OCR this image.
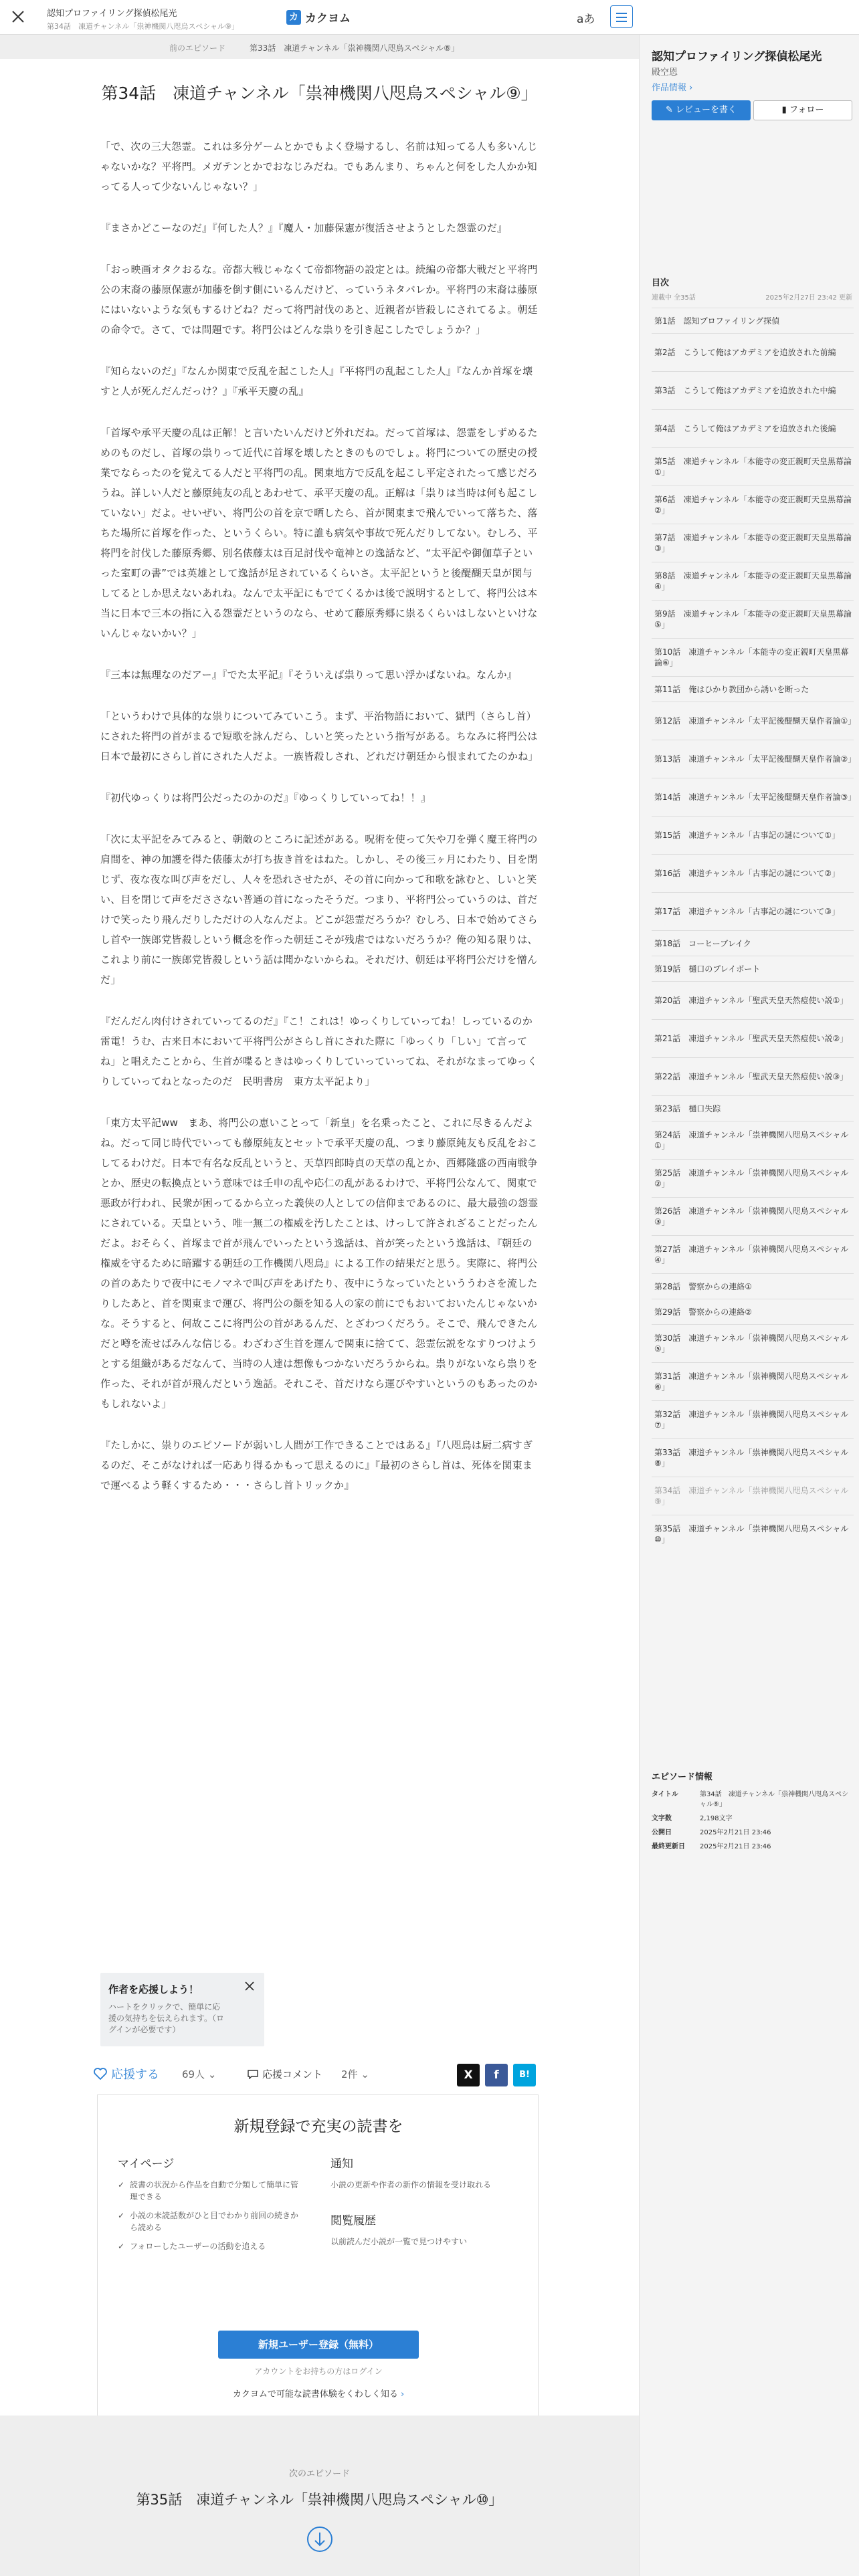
認知プロファイリング探偵松尾光
第34話　凍道チャンネル「祟神機関八咫烏スペシャル⑨」
カ カクヨム	aあ
前のエピソード	第33話　凍道チャンネル「祟神機関八咫烏スペシャル⑧」
第34話　凍道チャンネル「祟神機関八咫烏スペシャル⑨」

「で、次の三大怨霊。これは多分ゲームとかでもよく登場するし、名前は知ってる人も多いんじゃないかな？平将門。メガテンとかでおなじみだね。でもあんまり、ちゃんと何をした人かか知ってる人って少ないんじゃない？」

『まさかどこーなのだ』『何した人？』『魔人・加藤保憲が復活させようとした怨霊のだ』

「おっ映画オタクおるな。帝都大戦じゃなくて帝都物語の設定とは。続編の帝都大戦だと平将門公の末裔の藤原保憲が加藤を倒す側にいるんだけど、っていうネタバレか。平将門の末裔は藤原にはいないような気もするけどね？だって将門討伐のあと、近親者が皆殺しにされてるよ。朝廷の命令で。さて、では問題です。将門公はどんな祟りを引き起こしたでしょうか？」

『知らないのだ』『なんか関東で反乱を起こした人』『平将門の乱起こした人』『なんか首塚を壊すと人が死んだんだっけ？』『承平天慶の乱』

「首塚や承平天慶の乱は正解！と言いたいんだけど外れだね。だって首塚は、怨霊をしずめるためのものだし、首塚の祟りって近代に首塚を壊したときのものでしょ。将門についての歴史の授業でならったのを覚えてる人だと平将門の乱。関東地方で反乱を起こし平定されたって感じだろうね。詳しい人だと藤原純友の乱とあわせて、承平天慶の乱。正解は「祟りは当時は何も起こしていない」だよ。せいぜい、将門公の首を京で晒したら、首が関東まで飛んでいって落ちた、落ちた場所に首塚を作った、というくらい。特に誰も病気や事故で死んだりしてない。むしろ、平将門を討伐した藤原秀郷、別名俵藤太は百足討伐や竜神との逸話など、“太平記や御伽草子といった室町の書”では英雄として逸話が足されているくらいさ。太平記というと後醍醐天皇が関与してるとしか思えないあれね。なんで太平記にもでてくるかは後で説明するとして、将門公は本当に日本で三本の指に入る怨霊だというのなら、せめて藤原秀郷に祟るくらいはしないといけないんじゃないかい？」

『三本は無理なのだアー』『でた太平記』『そういえば祟りって思い浮かばないね。なんか』

「というわけで具体的な祟りについてみていこう。まず、平治物語において、獄門（さらし首）にされた将門の首がまるで短歌を詠んだら、しいと笑ったという指写がある。ちなみに将門公は日本で最初にさらし首にされた人だよ。一族皆殺しされ、どれだけ朝廷から恨まれてたのかね」

『初代ゆっくりは将門公だったのかのだ』『ゆっくりしていってね！！』

「次に太平記をみてみると、朝敵のところに記述がある。呪術を使って矢や刀を弾く魔王将門の肩間を、神の加護を得た俵藤太が打ち抜き首をはねた。しかし、その後三ヶ月にわたり、目を閉じず、夜な夜な叫び声をだし、人々を恐れさせたが、その首に向かって和歌を詠むと、しいと笑い、目を閉じて声をだささない普通の首になったそうだ。つまり、平将門公っていうのは、首だけで笑ったり飛んだりしただけの人なんだよ。どこが怨霊だろうか？むしろ、日本で始めてさらし首や一族郎党皆殺しという概念を作った朝廷こそが残虐ではないだろうか？俺の知る限りは、これより前に一族郎党皆殺しという話は聞かないからね。それだけ、朝廷は平将門公だけを憎んだ」

『だんだん肉付けされていってるのだ』『こ！これは！ゆっくりしていってね！しっているのか雷電！うむ、古来日本において平将門公がさらし首にされた際に「ゆっくり「しい」て言ってね」と唱えたことから、生首が喋るときはゆっくりしていっていってね、それがなまってゆっくりしていってねとなったのだ　民明書房　東方太平記より」

「東方太平記ww　まあ、将門公の恵いことって「新皇」を名乗ったこと、これに尽きるんだよね。だって同じ時代でいっても藤原純友とセットで承平天慶の乱、つまり藤原純友も反乱をおこしてるわけだ。日本で有名な反乱というと、天草四郎時貞の天草の乱とか、西郷隆盛の西南戦争とか、歴史の転換点という意味では壬申の乱や応仁の乱があるわけで、平将門公なんて、関東で悪政が行われ、民衆が困ってるから立った義侠の人としての信仰まであるのに、最大最強の怨霊にされている。天皇という、唯一無二の権威を汚したことは、けっして許されざることだったんだよ。おそらく、首塚まで首が飛んでいったという逸話は、首が笑ったという逸話は、『朝廷の権威を守るために暗躍する朝廷の工作機関八咫烏』による工作の結果だと思う。実際に、将門公の首のあたりで夜中にモノマネで叫び声をあげたり、夜中にうなっていたといううわさを流したりしたあと、首を関東まで運び、将門公の顔を知る人の家の前にでもおいておいたんじゃないかな。そうすると、何故ここに将門公の首があるんだ、とざわつくだろう。そこで、飛んできたんだと噂を流せばみんな信じる。わざわざ生首を運んで関東に捨てて、怨霊伝説をなすりつけようとする組織があるだなんて、当時の人達は想像もつかないだろうからね。祟りがないなら祟りを作った、それが首が飛んだという逸話。それこそ、首だけなら運びやすいというのもあったのかもしれないよ」

『たしかに、祟りのエピソードが弱いし人間が工作できることではある』『八咫烏は厨二病すぎるのだ、そこがなければ一応あり得るかもって思えるのに』『最初のさらし首は、死体を関東まで運べるよう軽くするため・・・さらし首トリックか』

作者を応援しよう！
ハートをクリックで、簡単に応援の気持ちを伝えられます。（ログインが必要です）
応援する 69人 ⌄	応援コメント 2件 ⌄	X	f	B!
新規登録で充実の読書を
マイページ
✓ 読書の状況から作品を自動で分類して簡単に管理できる
✓ 小説の未読話数がひと目でわかり前回の続きから読める
✓ フォローしたユーザーの活動を追える
通知
小説の更新や作者の新作の情報を受け取れる
閲覧履歴
以前読んだ小説が一覧で見つけやすい
新規ユーザー登録（無料）
アカウントをお持ちの方はログイン
カクヨムで可能な読書体験をくわしく知る ›
次のエピソード
第35話　凍道チャンネル「祟神機関八咫烏スペシャル⑩」
認知プロファイリング探偵松尾光
殿空恩
作品情報 ›
✎ レビューを書く	▮ フォロー
目次
連載中 全35話	2025年2月27日 23:42 更新
第1話　認知プロファイリング探偵
第2話　こうして俺はアカデミアを追放された前編
第3話　こうして俺はアカデミアを追放された中編
第4話　こうして俺はアカデミアを追放された後編
第5話　凍道チャンネル「本能寺の変正親町天皇黒幕論①」
第6話　凍道チャンネル「本能寺の変正親町天皇黒幕論②」
第7話　凍道チャンネル「本能寺の変正親町天皇黒幕論③」
第8話　凍道チャンネル「本能寺の変正親町天皇黒幕論④」
第9話　凍道チャンネル「本能寺の変正親町天皇黒幕論⑤」
第10話　凍道チャンネル「本能寺の変正親町天皇黒幕論⑥」
第11話　俺はひかり教団から誘いを断った
第12話　凍道チャンネル「太平記後醍醐天皇作者論①」
第13話　凍道チャンネル「太平記後醍醐天皇作者論②」
第14話　凍道チャンネル「太平記後醍醐天皇作者論③」
第15話　凍道チャンネル「古事記の謎について①」
第16話　凍道チャンネル「古事記の謎について②」
第17話　凍道チャンネル「古事記の謎について③」
第18話　コーヒーブレイク
第19話　樋口のプレイボート
第20話　凍道チャンネル「聖武天皇天然痘使い説①」
第21話　凍道チャンネル「聖武天皇天然痘使い説②」
第22話　凍道チャンネル「聖武天皇天然痘使い説③」
第23話　樋口失踪
第24話　凍道チャンネル「祟神機関八咫烏スペシャル①」
第25話　凍道チャンネル「祟神機関八咫烏スペシャル②」
第26話　凍道チャンネル「祟神機関八咫烏スペシャル③」
第27話　凍道チャンネル「祟神機関八咫烏スペシャル④」
第28話　警察からの連絡①
第29話　警察からの連絡②
第30話　凍道チャンネル「祟神機関八咫烏スペシャル⑤」
第31話　凍道チャンネル「祟神機関八咫烏スペシャル⑥」
第32話　凍道チャンネル「祟神機関八咫烏スペシャル⑦」
第33話　凍道チャンネル「祟神機関八咫烏スペシャル⑧」
第34話　凍道チャンネル「祟神機関八咫烏スペシャル⑨」
第35話　凍道チャンネル「祟神機関八咫烏スペシャル⑩」
エピソード情報
タイトル	第34話　凍道チャンネル「祟神機関八咫烏スペシャル⑨」
文字数	2,198文字
公開日	2025年2月21日 23:46
最終更新日	2025年2月21日 23:46
